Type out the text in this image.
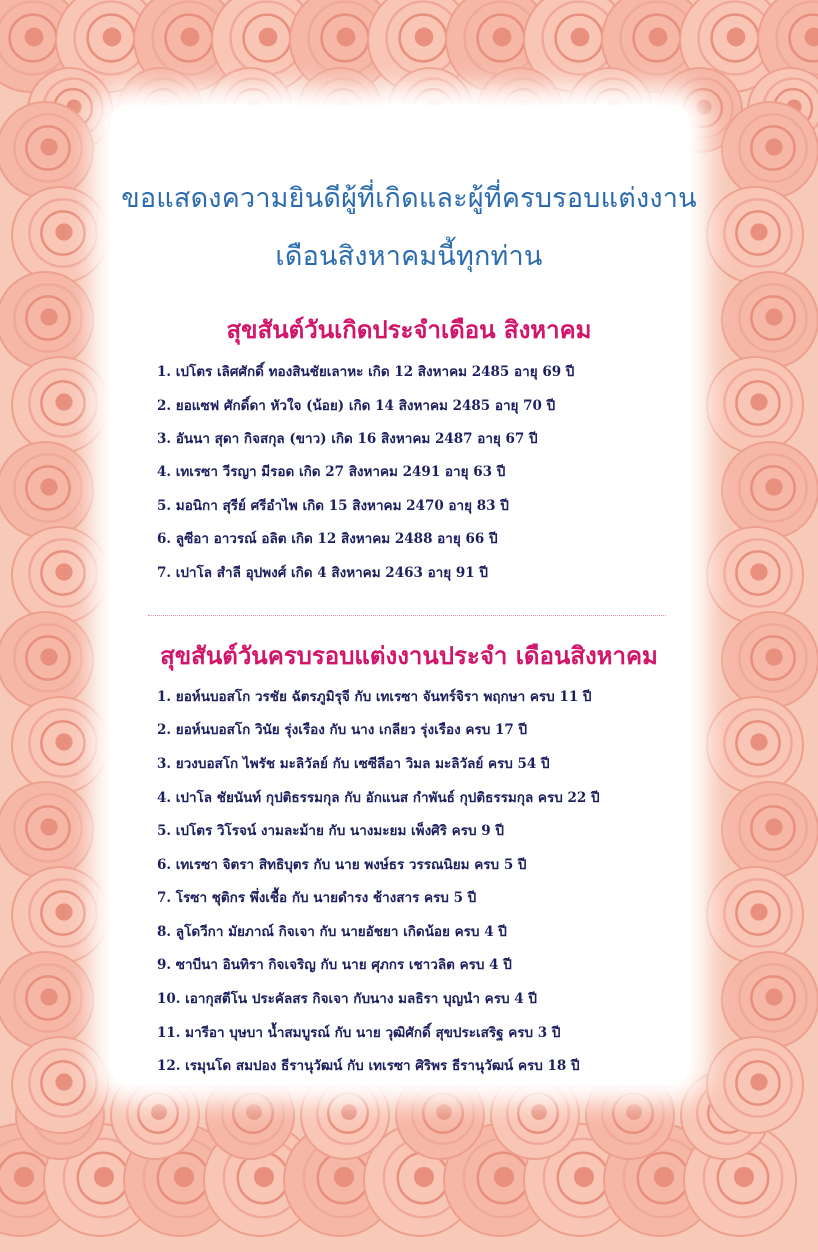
ขอแสดงความยินดีผู้ที่เกิดและผู้ที่ครบรอบแต่งงาน
เดือนสิงหาคมนี้ทุกท่าน
สุขสันต์วันเกิดประจำเดือน สิงหาคม
1. เปโตร เลิศศักดิ์ ทองสินชัยเลาหะ เกิด 12 สิงหาคม 2485 อายุ 69 ปี
2. ยอแซฟ ศักดิ์ดา หัวใจ (น้อย) เกิด 14 สิงหาคม 2485 อายุ 70 ปี
3. อันนา สุดา กิจสกุล (ขาว) เกิด 16 สิงหาคม 2487 อายุ 67 ปี
4. เทเรซา วีรญา มีรอด เกิด 27 สิงหาคม 2491 อายุ 63 ปี
5. มอนิกา สุรีย์ ศรีอำไพ เกิด 15 สิงหาคม 2470 อายุ 83 ปี
6. ลูซีอา อาวรณ์ อลิต เกิด 12 สิงหาคม 2488 อายุ 66 ปี
7. เปาโล สำลี อุปพงศ์ เกิด 4 สิงหาคม 2463 อายุ 91 ปี
สุขสันต์วันครบรอบแต่งงานประจำ เดือนสิงหาคม
1. ยอห์นบอสโก วรชัย ฉัตรภูมิรุจี กับ เทเรซา จันทร์จิรา พฤกษา ครบ 11 ปี
2. ยอห์นบอสโก วินัย รุ่งเรือง กับ นาง เกลียว รุ่งเรือง ครบ 17 ปี
3. ยวงบอสโก ไพรัช มะลิวัลย์ กับ เซซีลีอา วิมล มะลิวัลย์ ครบ 54 ปี
4. เปาโล ชัยนันท์ กุปติธรรมกุล กับ อักแนส กำพันธ์ กุปติธรรมกุล ครบ 22 ปี
5. เปโตร วิโรจน์ งามละม้าย กับ นางมะยม เพ็งศิริ ครบ 9 ปี
6. เทเรซา จิตรา สิทธิบุตร กับ นาย พงษ์ธร วรรณนิยม ครบ 5 ปี
7. โรซา ชุติกร พึ่งเชื้อ กับ นายดำรง ช้างสาร ครบ 5 ปี
8. ลูโดวีกา มัยภาณ์ กิจเจา กับ นายอัชยา เกิดน้อย ครบ 4 ปี
9. ซาบีนา อินทิรา กิจเจริญ กับ นาย ศุภกร เชาวลิต ครบ 4 ปี
10. เอากุสตีโน ประคัลสร กิจเจา กับนาง มลธิรา บุญนำ ครบ 4 ปี
11. มารีอา บุษบา น้ำสมบูรณ์ กับ นาย วุฒิศักดิ์ สุขประเสริฐ ครบ 3 ปี
12. เรมุนโด สมปอง ธีรานุวัฒน์ กับ เทเรซา ศิริพร ธีรานุวัฒน์ ครบ 18 ปี
